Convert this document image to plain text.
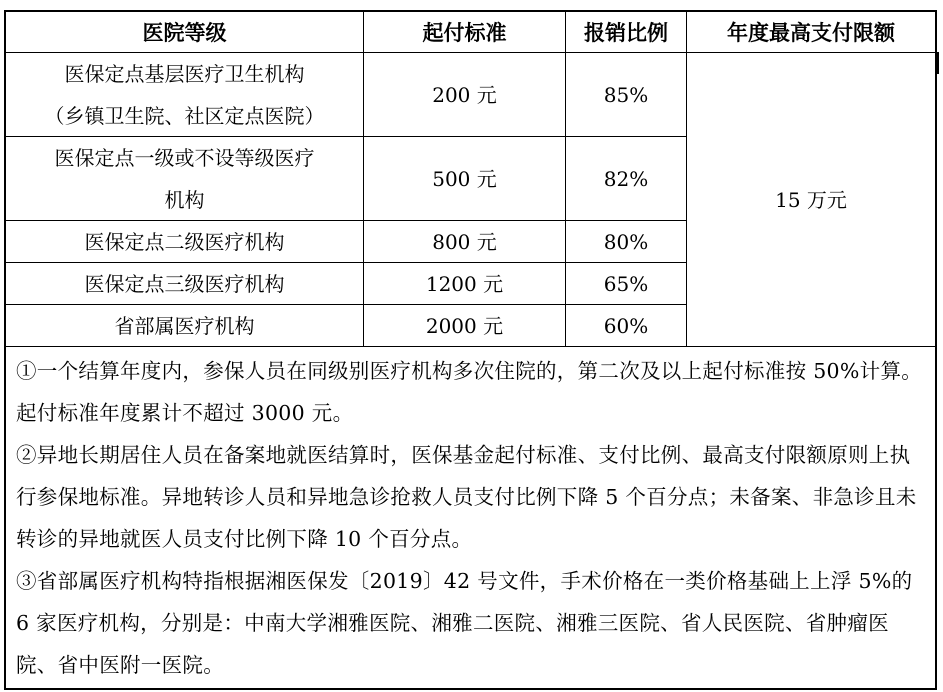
医院等级	起付标准	报销比例	年度最高支付限额
医保定点基层医疗卫生机构
（乡镇卫生院、社区定点医院）
200 元	85%
医保定点一级或不设等级医疗
机构
500 元	82%
医保定点二级医疗机构	800 元	80%
医保定点三级医疗机构	1200 元	65%
省部属医疗机构	2000 元	60%
15 万元

①一个结算年度内，参保人员在同级别医疗机构多次住院的，第二次及以上起付标准按 50%计算。起付标准年度累计不超过 3000 元。

②异地长期居住人员在备案地就医结算时，医保基金起付标准、支付比例、最高支付限额原则上执行参保地标准。异地转诊人员和异地急诊抢救人员支付比例下降 5 个百分点；未备案、非急诊且未转诊的异地就医人员支付比例下降 10 个百分点。

③省部属医疗机构特指根据湘医保发〔2019〕42 号文件，手术价格在一类价格基础上上浮 5%的 6 家医疗机构，分别是：中南大学湘雅医院、湘雅二医院、湘雅三医院、省人民医院、省肿瘤医院、省中医附一医院。
